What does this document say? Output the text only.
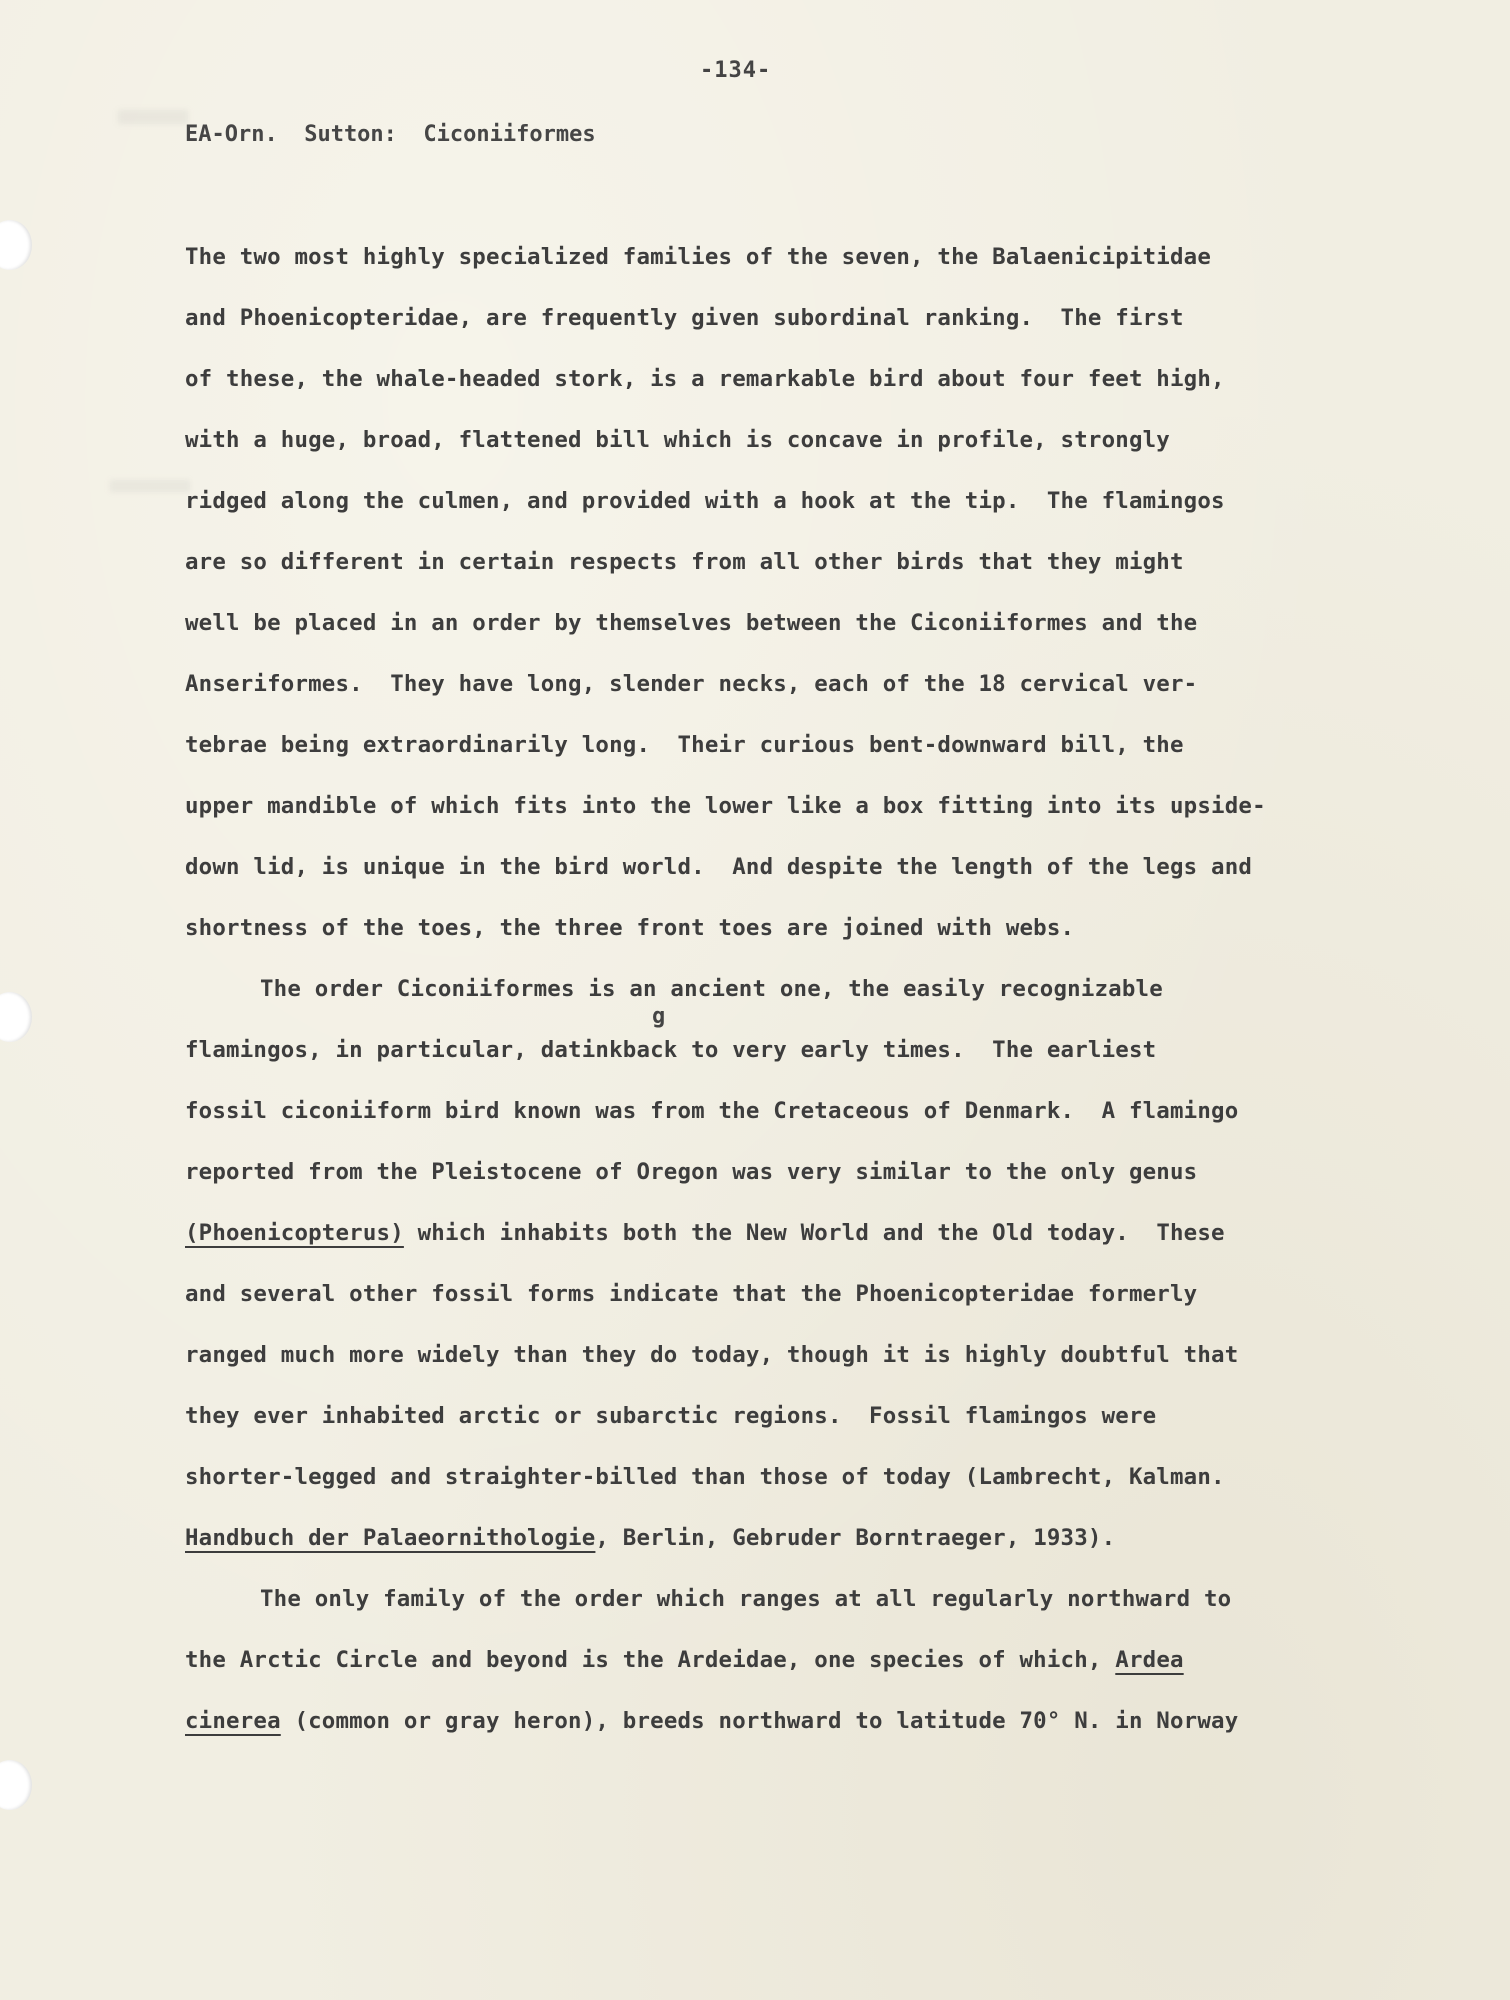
-134-
EA-Orn.  Sutton:  Ciconiiformes
The two most highly specialized families of the seven, the Balaenicipitidae
and Phoenicopteridae, are frequently given subordinal ranking.  The first
of these, the whale-headed stork, is a remarkable bird about four feet high,
with a huge, broad, flattened bill which is concave in profile, strongly
ridged along the culmen, and provided with a hook at the tip.  The flamingos
are so different in certain respects from all other birds that they might
well be placed in an order by themselves between the Ciconiiformes and the
Anseriformes.  They have long, slender necks, each of the 18 cervical ver-
tebrae being extraordinarily long.  Their curious bent-downward bill, the
upper mandible of which fits into the lower like a box fitting into its upside-
down lid, is unique in the bird world.  And despite the length of the legs and
shortness of the toes, the three front toes are joined with webs.
The order Ciconiiformes is an ancient one, the easily recognizable
g
flamingos, in particular, datinkback to very early times.  The earliest
fossil ciconiiform bird known was from the Cretaceous of Denmark.  A flamingo
reported from the Pleistocene of Oregon was very similar to the only genus
(Phoenicopterus) which inhabits both the New World and the Old today.  These
and several other fossil forms indicate that the Phoenicopteridae formerly
ranged much more widely than they do today, though it is highly doubtful that
they ever inhabited arctic or subarctic regions.  Fossil flamingos were
shorter-legged and straighter-billed than those of today (Lambrecht, Kalman.
Handbuch der Palaeornithologie, Berlin, Gebruder Borntraeger, 1933).
The only family of the order which ranges at all regularly northward to
the Arctic Circle and beyond is the Ardeidae, one species of which, Ardea
cinerea (common or gray heron), breeds northward to latitude 70° N. in Norway
